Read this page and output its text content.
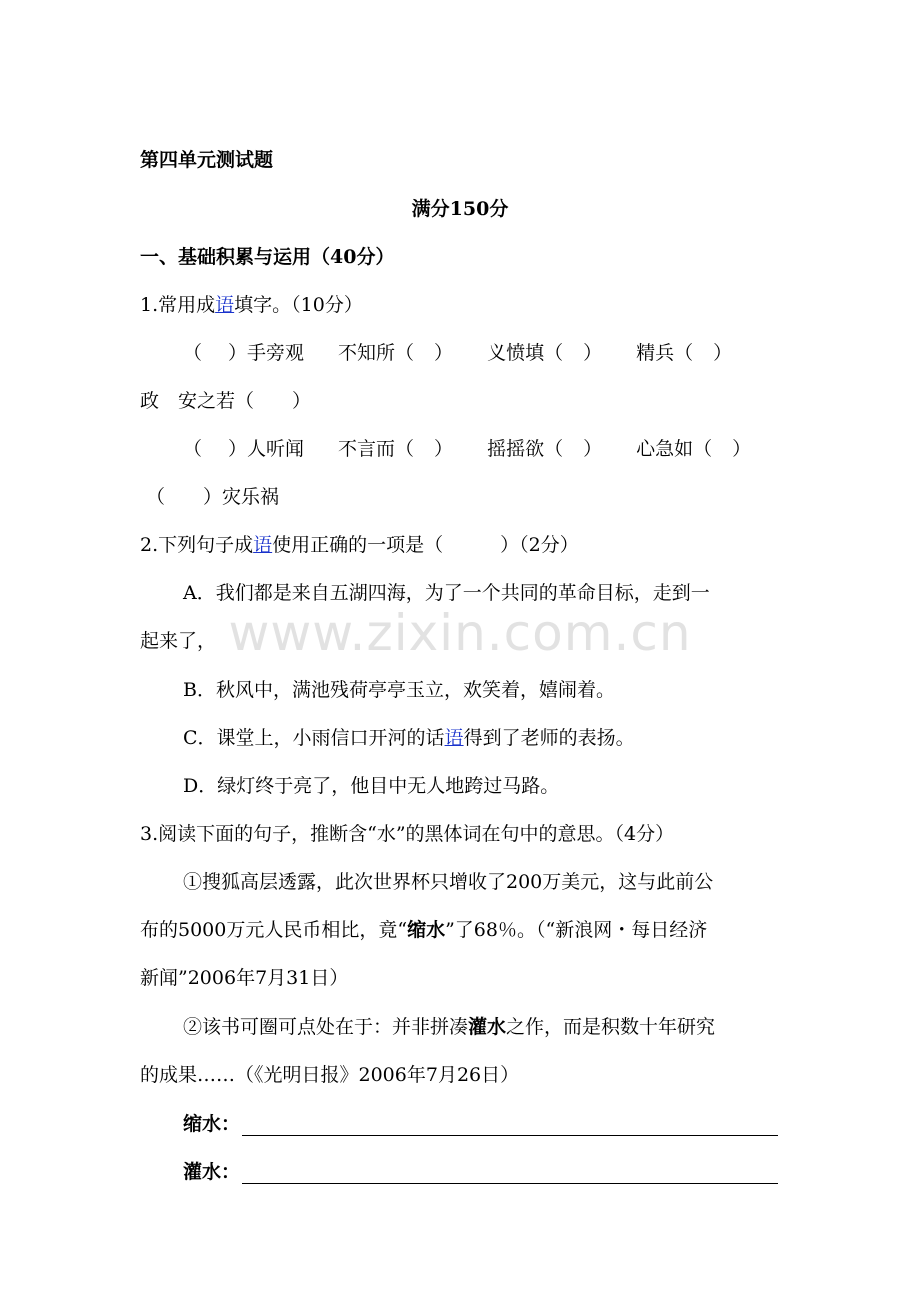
www.zixin.com.cn
第四单元测试题
满分150分
一、基础积累与运用（40分）
1.常用成语填字。（10分）
（ ）手旁观 不知所（ ） 义愤填（ ） 精兵（ ）
政　安之若（　　）
（ ）人听闻 不言而（ ） 摇摇欲（ ） 心急如（ ）
（　　）灾乐祸
2.下列句子成语使用正确的一项是（　　　）（2分）
A．我们都是来自五湖四海，为了一个共同的革命目标，走到一
起来了，
B．秋风中，满池残荷亭亭玉立，欢笑着，嬉闹着。
C．课堂上，小雨信口开河的话语得到了老师的表扬。
D．绿灯终于亮了，他目中无人地跨过马路。
3.阅读下面的句子，推断含“水”的黑体词在句中的意思。（4分）
①搜狐高层透露，此次世界杯只增收了200万美元，这与此前公
布的5000万元人民币相比，竟“缩水”了68％。（“新浪网・每日经济
新闻”2006年7月31日）
②该书可圈可点处在于：并非拼凑灌水之作，而是积数十年研究
的成果……（《光明日报》2006年7月26日）
缩水：
灌水：
